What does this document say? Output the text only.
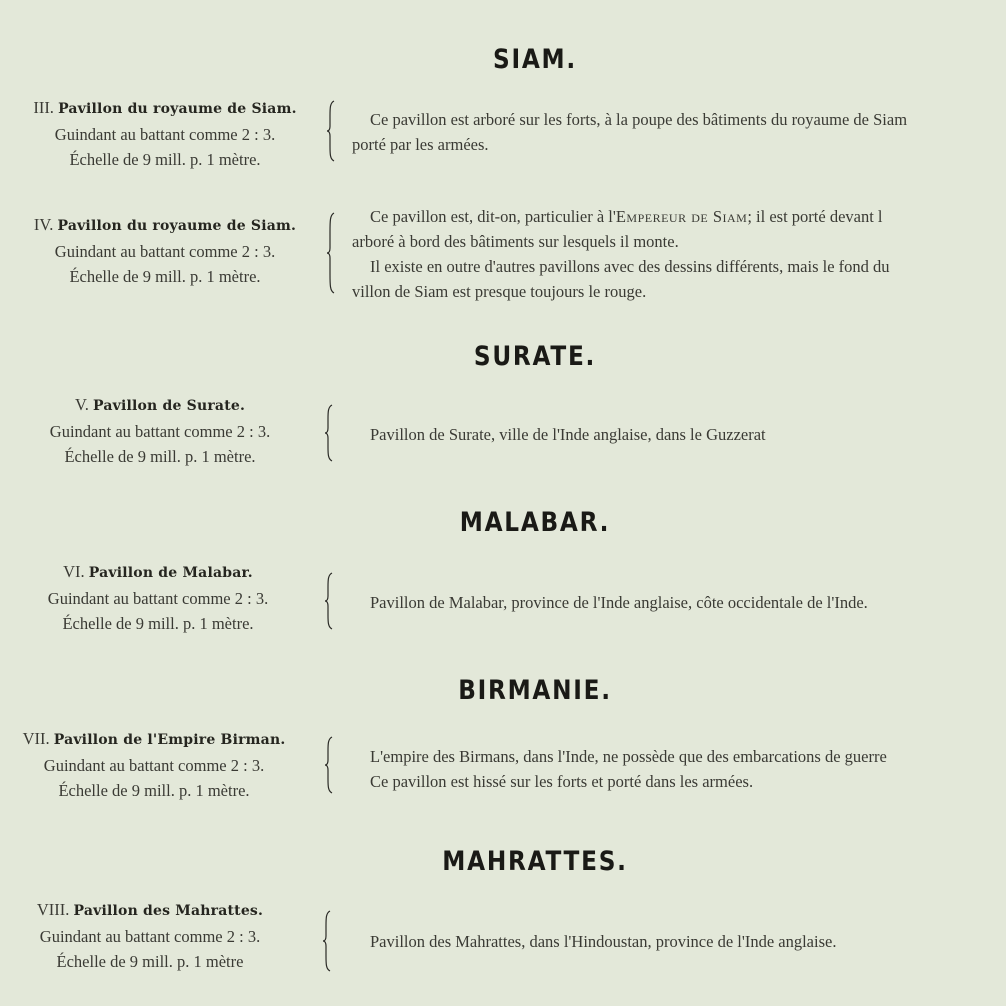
SIAM.
III. Pavillon du royaume de Siam.
Guindant au battant comme 2 : 3.
Échelle de 9 mill. p. 1 mètre.

Ce pavillon est arboré sur les forts, à la poupe des bâtiments du royaume de Siam

porté par les armées.

IV. Pavillon du royaume de Siam.
Guindant au battant comme 2 : 3.
Échelle de 9 mill. p. 1 mètre.

Ce pavillon est, dit-on, particulier à l'Empereur de Siam; il est porté devant l

arboré à bord des bâtiments sur lesquels il monte.

Il existe en outre d'autres pavillons avec des dessins différents, mais le fond du

villon de Siam est presque toujours le rouge.

SURATE.
V. Pavillon de Surate.
Guindant au battant comme 2 : 3.
Échelle de 9 mill. p. 1 mètre.

Pavillon de Surate, ville de l'Inde anglaise, dans le Guzzerat

MALABAR.
VI. Pavillon de Malabar.
Guindant au battant comme 2 : 3.
Échelle de 9 mill. p. 1 mètre.

Pavillon de Malabar, province de l'Inde anglaise, côte occidentale de l'Inde.

BIRMANIE.
VII. Pavillon de l'Empire Birman.
Guindant au battant comme 2 : 3.
Échelle de 9 mill. p. 1 mètre.

L'empire des Birmans, dans l'Inde, ne possède que des embarcations de guerre

Ce pavillon est hissé sur les forts et porté dans les armées.

MAHRATTES.
VIII. Pavillon des Mahrattes.
Guindant au battant comme 2 : 3.
Échelle de 9 mill. p. 1 mètre

Pavillon des Mahrattes, dans l'Hindoustan, province de l'Inde anglaise.
